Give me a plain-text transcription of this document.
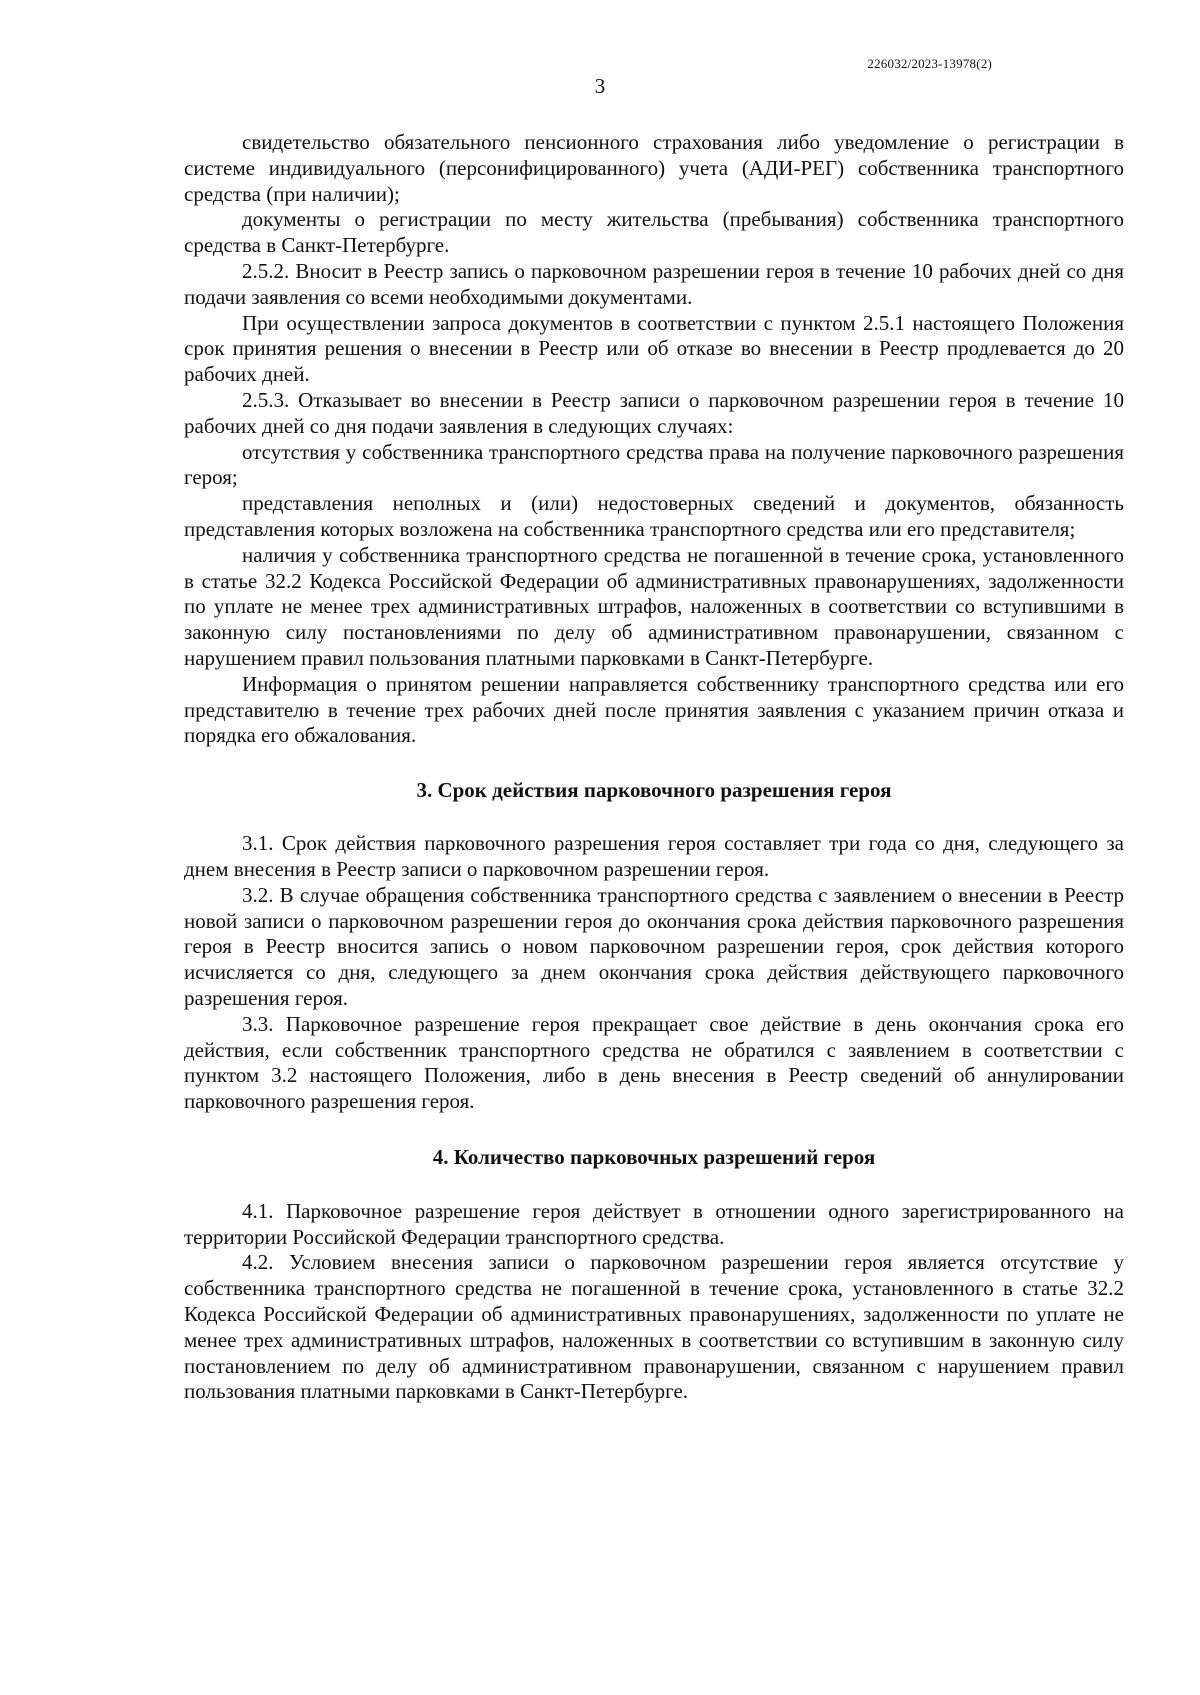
226032/2023-13978(2)
3

свидетельство обязательного пенсионного страхования либо уведомление о регистрации в системе индивидуального (персонифицированного) учета (АДИ-РЕГ) собственника транспортного средства (при наличии);

документы о регистрации по месту жительства (пребывания) собственника транспортного средства в Санкт-Петербурге.

2.5.2. Вносит в Реестр запись о парковочном разрешении героя в течение 10 рабочих дней со дня подачи заявления со всеми необходимыми документами.

При осуществлении запроса документов в соответствии с пунктом 2.5.1 настоящего Положения срок принятия решения о внесении в Реестр или об отказе во внесении в Реестр продлевается до 20 рабочих дней.

2.5.3. Отказывает во внесении в Реестр записи о парковочном разрешении героя в течение 10 рабочих дней со дня подачи заявления в следующих случаях:

отсутствия у собственника транспортного средства права на получение парковочного разрешения героя;

представления неполных и (или) недостоверных сведений и документов, обязанность представления которых возложена на собственника транспортного средства или его представителя;

наличия у собственника транспортного средства не погашенной в течение срока, установленного в статье 32.2 Кодекса Российской Федерации об административных правонарушениях, задолженности по уплате не менее трех административных штрафов, наложенных в соответствии со вступившими в законную силу постановлениями по делу об административном правонарушении, связанном с нарушением правил пользования платными парковками в Санкт-Петербурге.

Информация о принятом решении направляется собственнику транспортного средства или его представителю в течение трех рабочих дней после принятия заявления с указанием причин отказа и порядка его обжалования.

3. Срок действия парковочного разрешения героя

3.1. Срок действия парковочного разрешения героя составляет три года со дня, следующего за днем внесения в Реестр записи о парковочном разрешении героя.

3.2. В случае обращения собственника транспортного средства с заявлением о внесении в Реестр новой записи о парковочном разрешении героя до окончания срока действия парковочного разрешения героя в Реестр вносится запись о новом парковочном разрешении героя, срок действия которого исчисляется со дня, следующего за днем окончания срока действия действующего парковочного разрешения героя.

3.3. Парковочное разрешение героя прекращает свое действие в день окончания срока его действия, если собственник транспортного средства не обратился с заявлением в соответствии с пунктом 3.2 настоящего Положения, либо в день внесения в Реестр сведений об аннулировании парковочного разрешения героя.

4. Количество парковочных разрешений героя

4.1. Парковочное разрешение героя действует в отношении одного зарегистрированного на территории Российской Федерации транспортного средства.

4.2. Условием внесения записи о парковочном разрешении героя является отсутствие у собственника транспортного средства не погашенной в течение срока, установленного в статье 32.2 Кодекса Российской Федерации об административных правонарушениях, задолженности по уплате не менее трех административных штрафов, наложенных в соответствии со вступившим в законную силу постановлением по делу об административном правонарушении, связанном с нарушением правил пользования платными парковками в Санкт-Петербурге.
